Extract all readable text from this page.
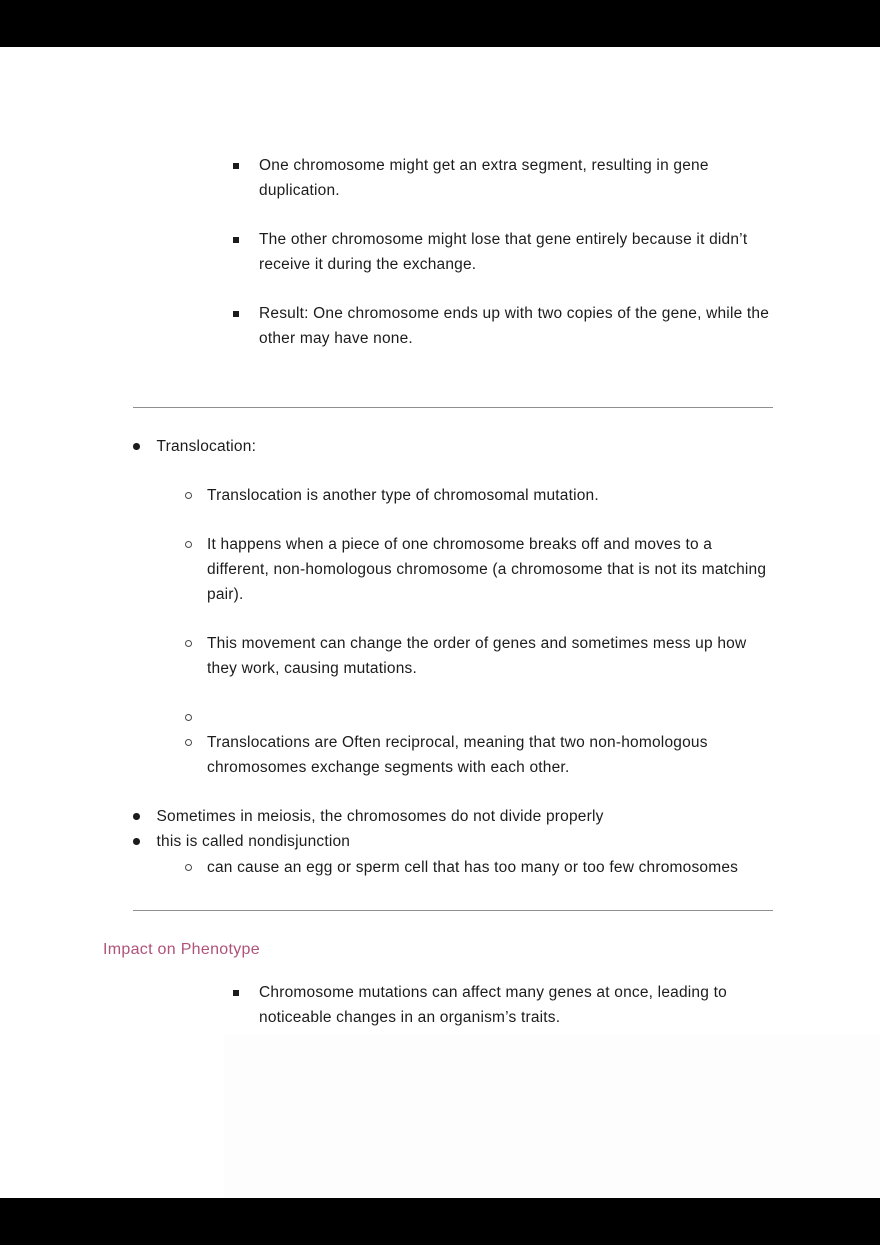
One chromosome might get an extra segment, resulting in gene duplication.
The other chromosome might lose that gene entirely because it didn’t receive it during the exchange.
Result: One chromosome ends up with two copies of the gene, while the other may have none.
Translocation:
Translocation is another type of chromosomal mutation.
It happens when a piece of one chromosome breaks off and moves to a different, non-homologous chromosome (a chromosome that is not its matching pair).
This movement can change the order of genes and sometimes mess up how they work, causing mutations.
Translocations are Often reciprocal, meaning that two non-homologous chromosomes exchange segments with each other.
Sometimes in meiosis, the chromosomes do not divide properly
this is called nondisjunction
can cause an egg or sperm cell that has too many or too few chromosomes
Impact on Phenotype
Chromosome mutations can affect many genes at once, leading to noticeable changes in an organism’s traits.
